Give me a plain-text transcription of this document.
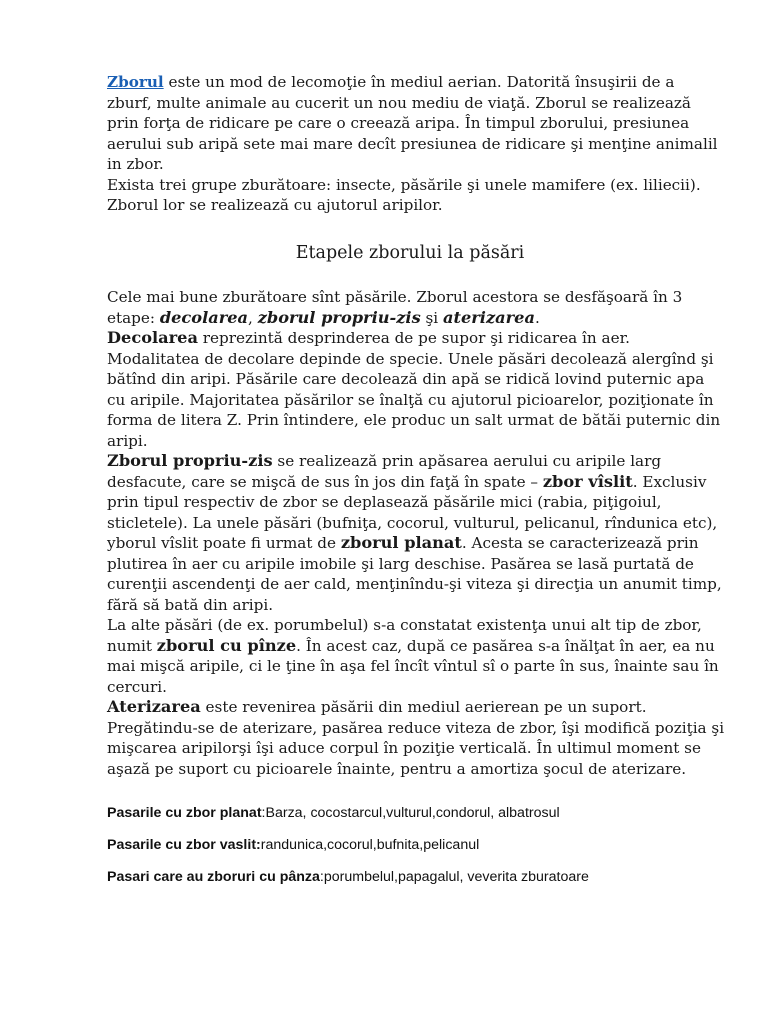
Zborul este un mod de lecomoţie în mediul aerian. Datorită însuşirii de a zburf, multe animale au cucerit un nou mediu de viaţă. Zborul se realizează prin forţa de ridicare pe care o creează aripa. În timpul zborului, presiunea aerului sub aripă sete mai mare decît presiunea de ridicare şi menţine animalil in zbor.

Exista trei grupe zburătoare: insecte, păsările şi unele mamifere (ex. liliecii). Zborul lor se realizează cu ajutorul aripilor.

Etapele zborului la păsări

Cele mai bune zburătoare sînt păsările. Zborul acestora se desfăşoară în 3 etape: decolarea, zborul propriu-zis şi aterizarea.

Decolarea reprezintă desprinderea de pe supor şi ridicarea în aer. Modalitatea de decolare depinde de specie. Unele păsări decolează alergînd şi bătînd din aripi. Păsările care decolează din apă se ridică lovind puternic apa cu aripile. Majoritatea păsărilor se înalţă cu ajutorul picioarelor, poziţionate în forma de litera Z. Prin întindere, ele produc un salt urmat de bătăi puternic din aripi.

Zborul propriu-zis se realizează prin apăsarea aerului cu aripile larg desfacute, care se mişcă de sus în jos din faţă în spate – zbor vîslit. Exclusiv prin tipul respectiv de zbor se deplasează păsările mici (rabia, piţigoiul, sticletele). La unele păsări (bufniţa, cocorul, vulturul, pelicanul, rîndunica etc), yborul vîslit poate fi urmat de zborul planat. Acesta se caracterizează prin plutirea în aer cu aripile imobile şi larg deschise. Pasărea se lasă purtată de curenţii ascendenţi de aer cald, menţinîndu-şi viteza şi direcţia un anumit timp, fără să bată din aripi.

La alte păsări (de ex. porumbelul) s-a constatat existenţa unui alt tip de zbor, numit zborul cu pînze. În acest caz, după ce pasărea s-a înălţat în aer, ea nu mai mişcă aripile, ci le ţine în aşa fel încît vîntul sî o parte în sus, înainte sau în cercuri.

Aterizarea este revenirea păsării din mediul aerierean pe un suport. Pregătindu-se de aterizare, pasărea reduce viteza de zbor, îşi modifică poziţia şi mişcarea aripilorşi îşi aduce corpul în poziţie verticală. În ultimul moment se aşază pe suport cu picioarele înainte, pentru a amortiza şocul de aterizare.

Pasarile cu zbor planat:Barza, cocostarcul,vulturul,condorul, albatrosul

Pasarile cu zbor vaslit:randunica,cocorul,bufnita,pelicanul

Pasari care au zboruri cu pânza:porumbelul,papagalul, veverita zburatoare
